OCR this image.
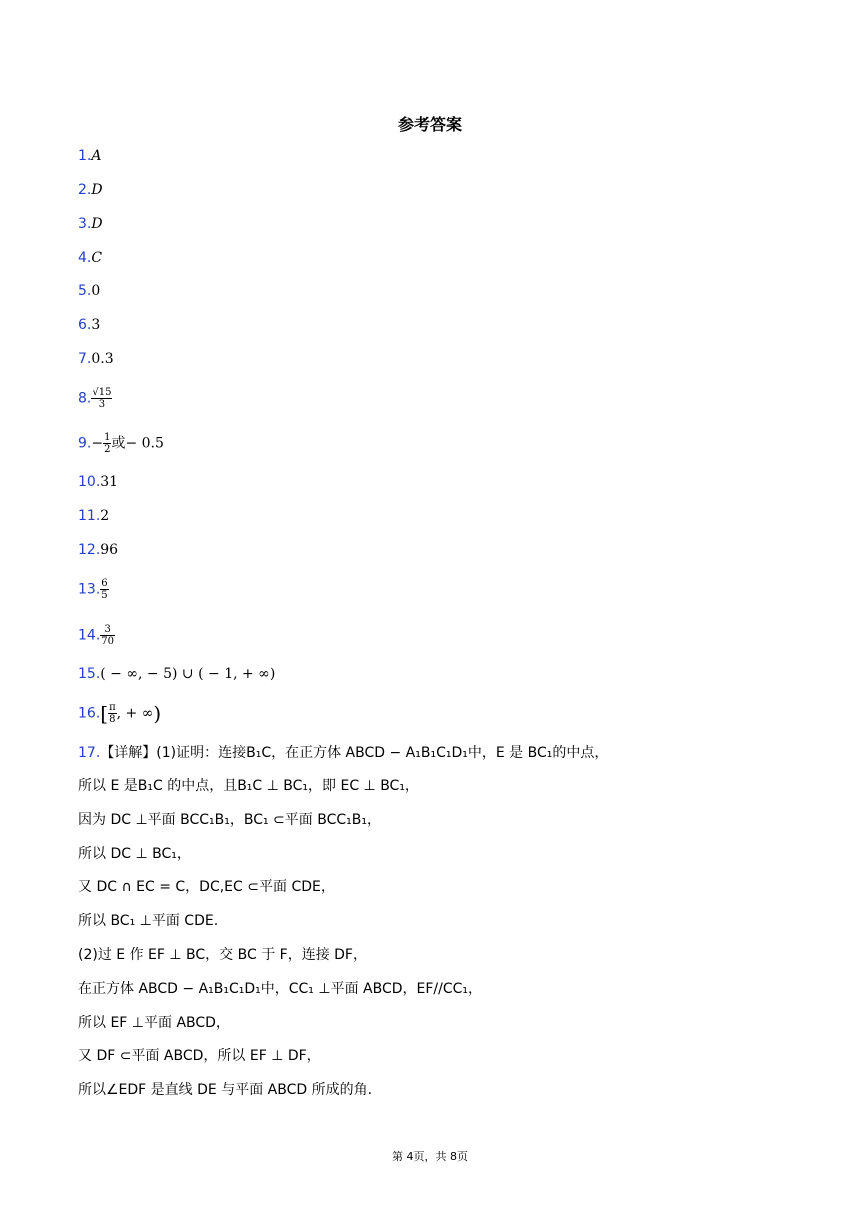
参考答案
1.A
2.D
3.D
4.C
5.0
6.3
7.0.3
8. $\frac{√15}{3}$
$9.- \frac{1}{2}$ 或− 0.5
10.31
11.2
12.96
13. $\frac{6}{5}$
14. $\frac{3}{70}$
15.( − ∞, − 5) ∪ ( − 1, + ∞)
$16.[ \frac{\pi}{8}$ , + ∞)
17.【详解】(1)证明：连接B₁C，在正方体 ABCD − A₁B₁C₁D₁中，E 是 BC₁的中点，
所以 E 是B₁C 的中点，且B₁C ⊥ BC₁，即 EC ⊥ BC₁，
因为 DC ⊥平面 BCC₁B₁，BC₁ ⊂平面 BCC₁B₁，
所以 DC ⊥ BC₁，
又 DC ∩ EC = C，DC,EC ⊂平面 CDE，
所以 BC₁ ⊥平面 CDE.
(2)过 E 作 EF ⊥ BC，交 BC 于 F，连接 DF，
在正方体 ABCD − A₁B₁C₁D₁中，CC₁ ⊥平面 ABCD，EF//CC₁，
所以 EF ⊥平面 ABCD，
又 DF ⊂平面 ABCD，所以 EF ⊥ DF，
所以∠EDF 是直线 DE 与平面 ABCD 所成的角.
第 4页，共 8页
